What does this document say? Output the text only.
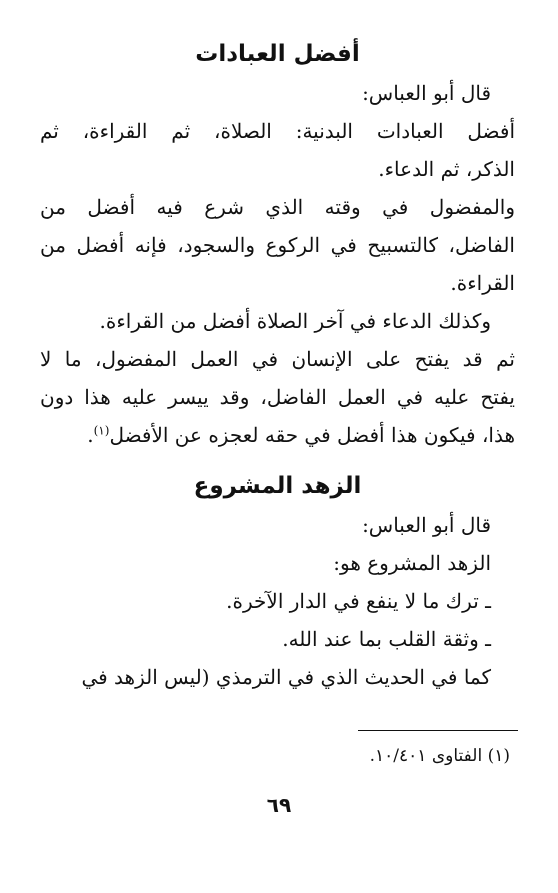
أفضل العبادات

قال أبو العباس:

أفضل العبادات البدنية: الصلاة، ثم القراءة، ثم
الذكر، ثم الدعاء.

والمفضول في وقته الذي شرع فيه أفضل من
الفاضل، كالتسبيح في الركوع والسجود، فإنه أفضل من
القراءة.

وكذلك الدعاء في آخر الصلاة أفضل من القراءة.

ثم قد يفتح على الإنسان في العمل المفضول، ما لا
يفتح عليه في العمل الفاضل، وقد ييسر عليه هذا دون
هذا، فيكون هذا أفضل في حقه لعجزه عن الأفضل$^{(١)}$.

الزهد المشروع

قال أبو العباس:
الزهد المشروع هو:
ـ ترك ما لا ينفع في الدار الآخرة.
ـ وثقة القلب بما عند الله.
كما في الحديث الذي في الترمذي (ليس الزهد في

(١) الفتاوى ١٠/٤٠١.
٦٩
